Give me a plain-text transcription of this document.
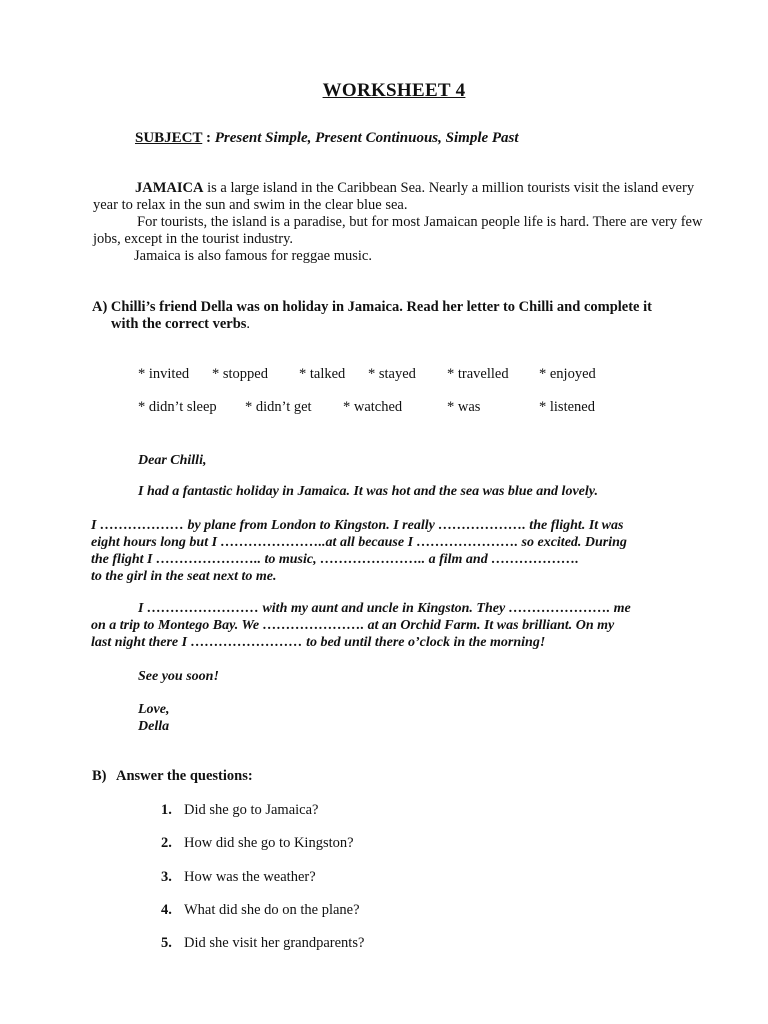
WORKSHEET 4
SUBJECT : Present Simple, Present Continuous, Simple Past

JAMAICA is a large island in the Caribbean Sea. Nearly a million tourists visit the island every year to relax in the sun and swim in the clear blue sea.

For tourists, the island is a paradise, but for most Jamaican people life is hard. There are very few jobs, except in the tourist industry.

Jamaica is also famous for reggae music.

A) Chilli’s friend Della was on holiday in Jamaica. Read her letter to Chilli and complete it
with the correct verbs.
* invited * stopped * talked * stayed * travelled * enjoyed
* didn’t sleep * didn’t get * watched	* was	* listened
Dear Chilli,
I had a fantastic holiday in Jamaica. It was hot and the sea was blue and lovely.
I ……………… by plane from London to Kingston. I really ………………. the flight. It was
eight hours long but I …………………..at all because I …………………. so excited. During
the flight I ………………….. to music, ………………….. a film and ……………….
to the girl in the seat next to me.
I …………………… with my aunt and uncle in Kingston. They …………………. me
on a trip to Montego Bay. We …………………. at an Orchid Farm. It was brilliant. On my
last night there I …………………… to bed until there o’clock in the morning!
See you soon!
Love,
Della
B) Answer the questions:
1. Did she go to Jamaica?
2. How did she go to Kingston?
3. How was the weather?
4. What did she do on the plane?
5. Did she visit her grandparents?
